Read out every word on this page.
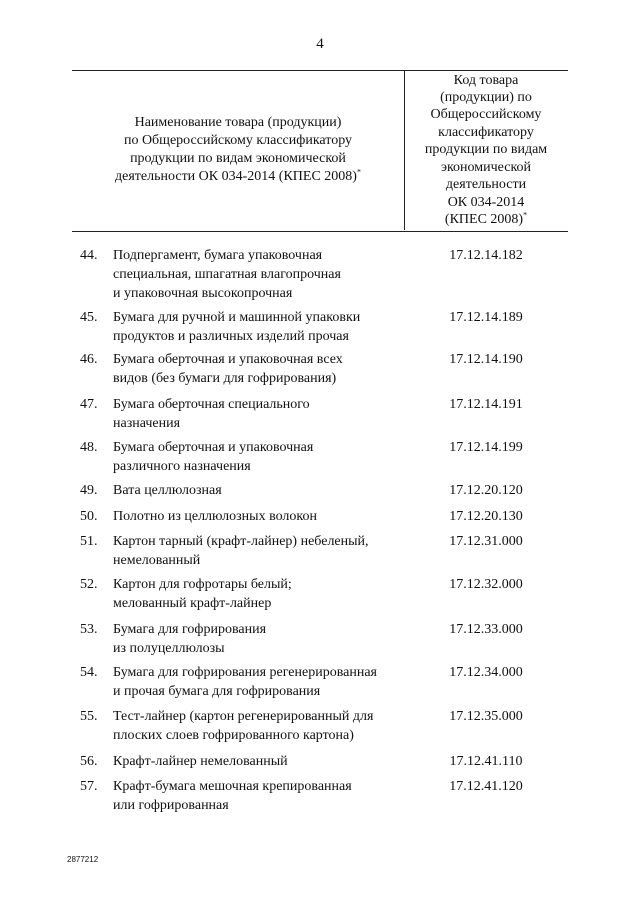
4
Наименование товара (продукции)
по Общероссийскому классификатору
продукции по видам экономической
деятельности ОК 034-2014 (КПЕС 2008)*
Код товара
(продукции) по
Общероссийскому
классификатору
продукции по видам
экономической
деятельности
ОК 034-2014
(КПЕС 2008)*
44.	Подпергамент, бумага упаковочная
специальная, шпагатная влагопрочная
и упаковочная высокопрочная
17.12.14.182
45.	Бумага для ручной и машинной упаковки
продуктов и различных изделий прочая
17.12.14.189
46.	Бумага оберточная и упаковочная всех
видов (без бумаги для гофрирования)
17.12.14.190
47.	Бумага оберточная специального
назначения
17.12.14.191
48.	Бумага оберточная и упаковочная
различного назначения
17.12.14.199
49.	Вата целлюлозная	17.12.20.120
50.	Полотно из целлюлозных волокон	17.12.20.130
51.	Картон тарный (крафт-лайнер) небеленый,
немелованный
17.12.31.000
52.	Картон для гофротары белый;
мелованный крафт-лайнер
17.12.32.000
53.	Бумага для гофрирования
из полуцеллюлозы
17.12.33.000
54.	Бумага для гофрирования регенерированная
и прочая бумага для гофрирования
17.12.34.000
55.	Тест-лайнер (картон регенерированный для
плоских слоев гофрированного картона)
17.12.35.000
56.	Крафт-лайнер немелованный	17.12.41.110
57.	Крафт-бумага мешочная крепированная
или гофрированная
17.12.41.120
2877212
